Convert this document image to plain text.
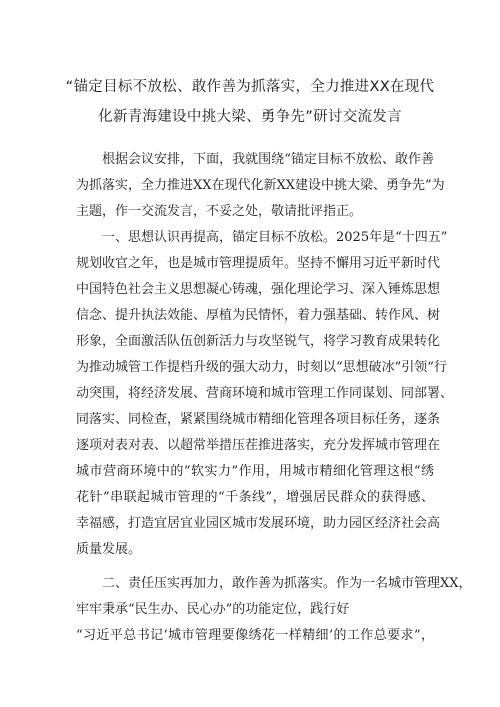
“锚定目标不放松、敢作善为抓落实，全力推进XX在现代
化新青海建设中挑大梁、勇争先”研讨交流发言

根据会议安排，下面，我就围绕“锚定目标不放松、敢作善
为抓落实，全力推进XX在现代化新XX建设中挑大梁、勇争先”为
主题，作一交流发言，不妥之处，敬请批评指正。

一、思想认识再提高，锚定目标不放松。2025年是“十四五”
规划收官之年，也是城市管理提质年。坚持不懈用习近平新时代
中国特色社会主义思想凝心铸魂，强化理论学习、深入锤炼思想
信念、提升执法效能、厚植为民情怀，着力强基础、转作风、树
形象，全面激活队伍创新活力与攻坚锐气，将学习教育成果转化
为推动城管工作提档升级的强大动力，时刻以“思想破冰”引领“行
动突围，将经济发展、营商环境和城市管理工作同谋划、同部署、
同落实、同检查，紧紧围绕城市精细化管理各项目标任务，逐条
逐项对表对表、以超常举措压茬推进落实，充分发挥城市管理在
城市营商环境中的“软实力”作用，用城市精细化管理这根“绣
花针”串联起城市管理的“千条线”，增强居民群众的获得感、
幸福感，打造宜居宜业园区城市发展环境，助力园区经济社会高
质量发展。

二、责任压实再加力，敢作善为抓落实。作为一名城市管理XX，
牢牢秉承“民生办、民心办”的功能定位，践行好
“习近平总书记‘城市管理要像绣花一样精细’的工作总要求”，
